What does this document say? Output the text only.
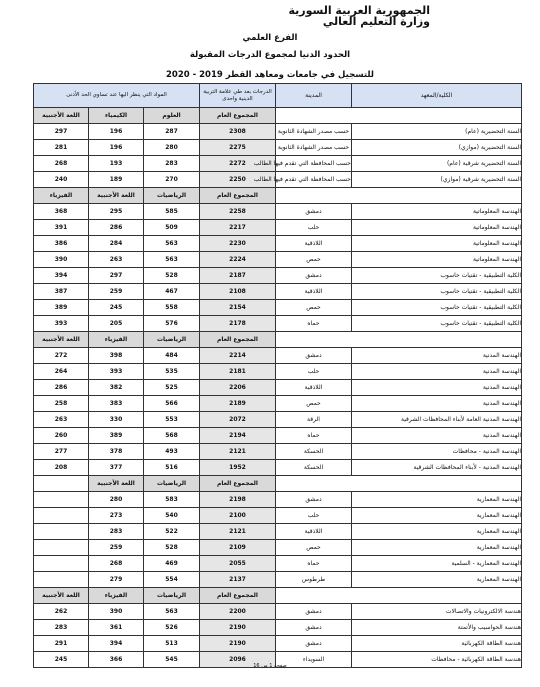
الجمهورية العربية السورية
وزارة التعليم العالي
الفرع العلمي
الحدود الدنيا لمجموع الدرجات المقبولة
للتسجيل في جامعات ومعاهد القطر 2019 - 2020
الكلية/المعهد	المدينة	الدرجات بعد طي علامة التربية الدينية واحدى	المواد التي ينظر اليها عند تساوي الحد الأدنى	
		المجموع العام	العلوم	الكيمياء	اللغة الأجنبية
السنة التحضيرية (عام)	حسب مصدر الشهادة الثانوية	2308	287	196	297
السنة التحضيرية (موازي)	حسب مصدر الشهادة الثانوية	2275	280	196	281
السنة التحضيرية شرقية (عام)	حسب المحافظة التي تقدم فيها الطالب	2272	283	193	268
السنة التحضيرية شرقية (موازي)	حسب المحافظة التي تقدم فيها الطالب	2250	270	189	240
		المجموع العام	الرياضيات	اللغة الأجنبية	الفيزياء
الهندسة المعلوماتية	دمشق	2258	585	295	368
الهندسة المعلوماتية	حلب	2217	509	286	391
الهندسة المعلوماتية	اللاذقية	2230	563	284	386
الهندسة المعلوماتية	حمص	2224	563	263	390
الكلية التطبيقية - تقنيات حاسوب	دمشق	2187	528	297	394
الكلية التطبيقية - تقنيات حاسوب	اللاذقية	2108	467	259	387
الكلية التطبيقية - تقنيات حاسوب	حمص	2154	558	245	389
الكلية التطبيقية - تقنيات حاسوب	حماه	2178	576	205	393
		المجموع العام	الرياضيات	الفيزياء	اللغة الأجنبية
الهندسة المدنية	دمشق	2214	484	398	272
الهندسة المدنية	حلب	2181	535	393	264
الهندسة المدنية	اللاذقية	2206	525	382	286
الهندسة المدنية	حمص	2189	566	383	258
الهندسة المدنية العامة لأبناء المحافظات الشرقية	الرقة	2072	553	330	263
الهندسة المدنية	حماه	2194	568	389	260
الهندسة المدنية - محافظات	الحسكة	2121	493	378	277
الهندسة المدنية - لأبناء المحافظات الشرقية	الحسكة	1952	516	377	208
		المجموع العام	الرياضيات	اللغة الأجنبية	
الهندسة المعمارية	دمشق	2198	583	280	
الهندسة المعمارية	حلب	2100	540	273	
الهندسة المعمارية	اللاذقية	2121	522	283	
الهندسة المعمارية	حمص	2109	528	259	
الهندسة المعمارية - السلمية	حماه	2055	469	268	
الهندسة المعمارية	طرطوس	2137	554	279	
		المجموع العام	الرياضيات	الفيزياء	اللغة الأجنبية
هندسة الالكترونيات والاتصالات	دمشق	2200	563	390	262
هندسة الحواسيب والأتمتة	دمشق	2190	526	361	283
هندسة الطاقة الكهربائية	دمشق	2190	513	394	291
هندسة الطاقة الكهربائية - محافظات	السويداء	2096	545	366	245
صفحة 1 من 16
